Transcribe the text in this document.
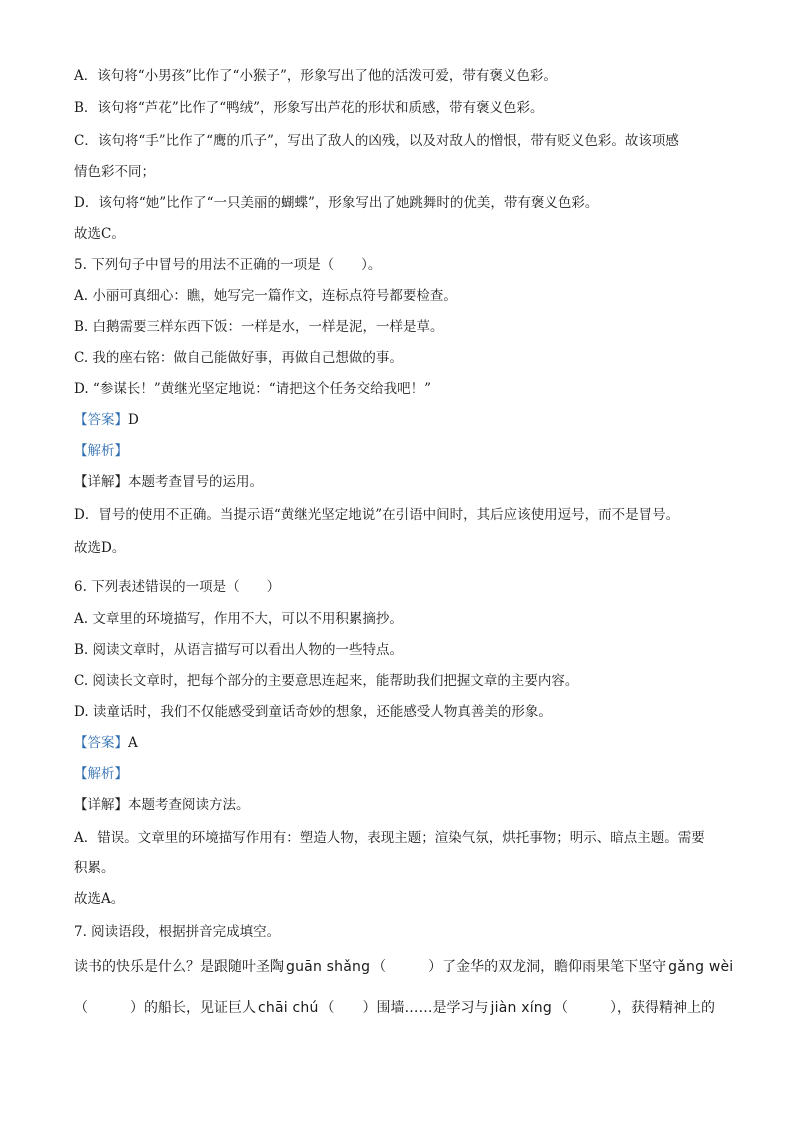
A．该句将“小男孩”比作了“小猴子”，形象写出了他的活泼可爱，带有褒义色彩。
B．该句将“芦花”比作了“鸭绒”，形象写出芦花的形状和质感，带有褒义色彩。
C．该句将“手”比作了“鹰的爪子”，写出了敌人的凶残，以及对敌人的憎恨，带有贬义色彩。故该项感
情色彩不同；
D．该句将“她”比作了“一只美丽的蝴蝶”，形象写出了她跳舞时的优美，带有褒义色彩。
故选C。
5. 下列句子中冒号的用法不正确的一项是（　　）。
A. 小丽可真细心：瞧，她写完一篇作文，连标点符号都要检查。
B. 白鹅需要三样东西下饭：一样是水，一样是泥，一样是草。
C. 我的座右铭：做自己能做好事，再做自己想做的事。
D. “参谋长！”黄继光坚定地说：“请把这个任务交给我吧！”
【答案】D
【解析】
【详解】本题考查冒号的运用。
D．冒号的使用不正确。当提示语“黄继光坚定地说”在引语中间时，其后应该使用逗号，而不是冒号。
故选D。
6. 下列表述错误的一项是（　　）
A. 文章里的环境描写，作用不大，可以不用积累摘抄。
B. 阅读文章时，从语言描写可以看出人物的一些特点。
C. 阅读长文章时，把每个部分的主要意思连起来，能帮助我们把握文章的主要内容。
D. 读童话时，我们不仅能感受到童话奇妙的想象，还能感受人物真善美的形象。
【答案】A
【解析】
【详解】本题考查阅读方法。
A．错误。文章里的环境描写作用有：塑造人物，表现主题；渲染气氛，烘托事物；明示、暗点主题。需要
积累。
故选A。
7. 阅读语段，根据拼音完成填空。
读书的快乐是什么？是跟随叶圣陶 guān shǎng （　　　）了金华的双龙洞，瞻仰雨果笔下坚守 gǎng wèi
（　　　）的船长，见证巨人 chāi chú （　　）围墙……是学习与 jiàn xíng （　　　），获得精神上的
